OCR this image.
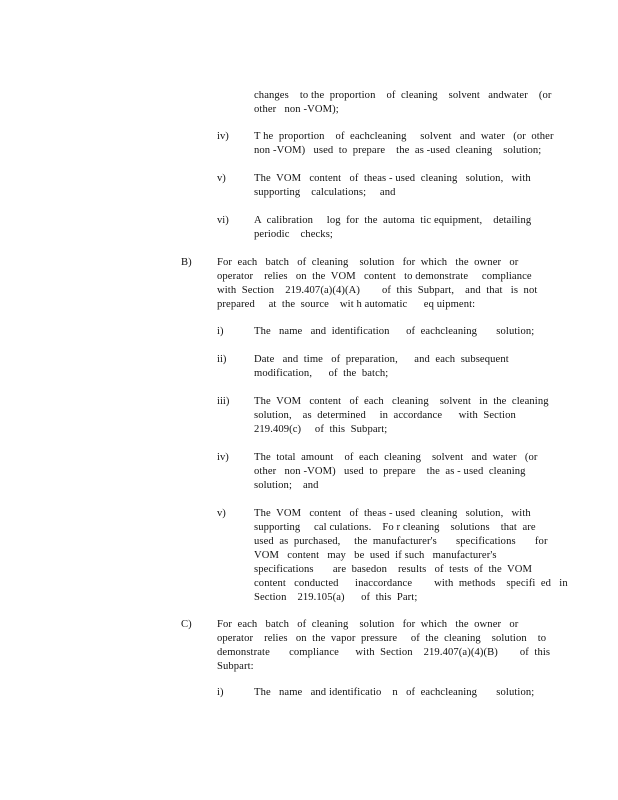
changes    to the  proportion    of  cleaning    solvent   andwater    (or
other   non -VOM);
iv) T he  proportion    of  eachcleaning     solvent   and  water   (or  other
non -VOM)   used  to  prepare    the  as -used  cleaning    solution;
v)	The  VOM   content   of  theas - used  cleaning   solution,   with
supporting    calculations;     and
vi) A  calibration     log  for  the  automa  tic equipment,    detailing
periodic    checks;
B) For  each   batch   of  cleaning    solution   for  which   the  owner   or
operator    relies   on  the  VOM   content   to demonstrate     compliance
with  Section    219.407(a)(4)(A)        of  this  Subpart,    and  that   is  not
prepared     at  the  source    wit h automatic      eq uipment:
i)	The   name   and  identification      of  eachcleaning       solution;
ii)	Date   and  time   of  preparation,      and  each  subsequent
modification,      of  the  batch;
iii) The  VOM   content   of  each   cleaning    solvent   in  the  cleaning
solution,    as  determined     in  accordance      with  Section
219.409(c)     of  this  Subpart;
iv) The  total  amount    of  each  cleaning    solvent   and  water   (or
other   non -VOM)   used  to  prepare    the  as - used  cleaning
solution;    and
v)	The  VOM   content   of  theas - used  cleaning   solution,   with
supporting     cal culations.    Fo r cleaning    solutions    that  are
used  as  purchased,     the  manufacturer's       specifications       for
VOM   content   may   be  used  if such   manufacturer's
specifications       are  basedon    results   of  tests  of  the  VOM
content   conducted      inaccordance        with  methods    specifi  ed   in
Section    219.105(a)      of  this  Part;
C) For  each   batch   of  cleaning    solution   for  which   the  owner   or
operator    relies   on  the  vapor  pressure     of  the  cleaning    solution    to
demonstrate       compliance      with  Section    219.407(a)(4)(B)        of  this
Subpart:
i)	The   name   and identificatio    n   of  eachcleaning       solution;
